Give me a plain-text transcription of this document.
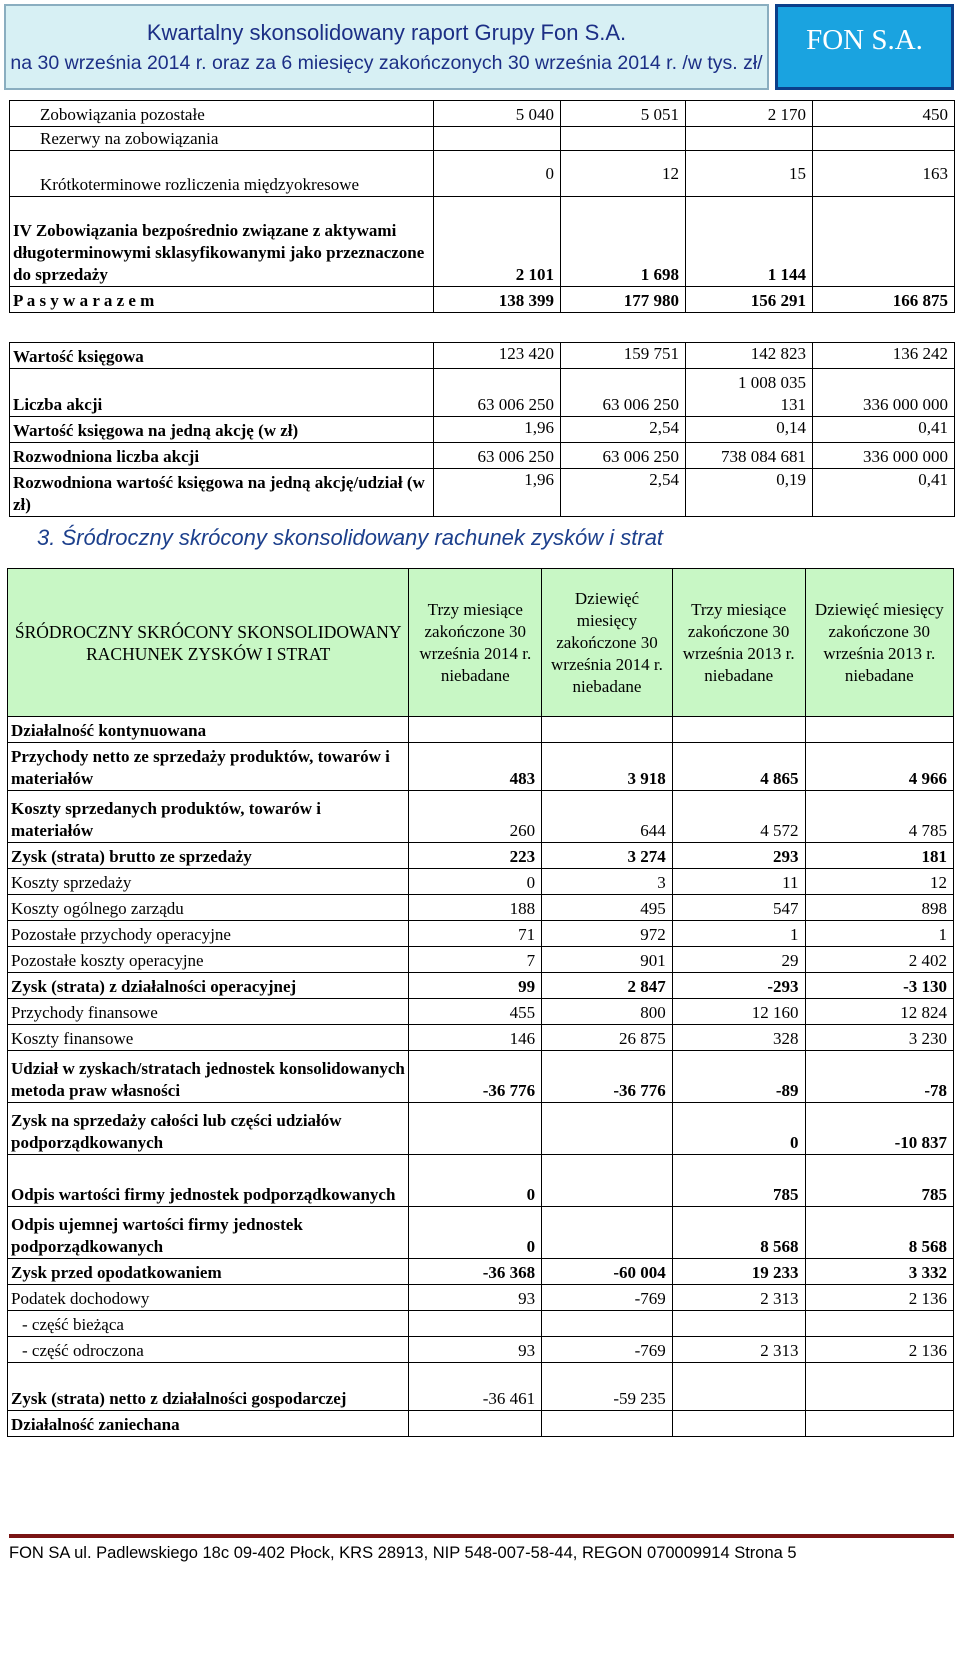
Kwartalny skonsolidowany raport Grupy Fon S.A.
na 30 września 2014 r. oraz za 6 miesięcy zakończonych 30 września 2014 r. /w tys. zł/
FON S.A.
Zobowiązania pozostałe	5 040	5 051	2 170	450
Rezerwy na zobowiązania				
Krótkoterminowe rozliczenia międzyokresowe	0	12	15	163
IV Zobowiązania bezpośrednio związane z aktywami długoterminowymi sklasyfikowanymi jako przeznaczone do sprzedaży	2 101	1 698	1 144	
P a s y w a r a z e m	138 399	177 980	156 291	166 875

Wartość księgowa	123 420	159 751	142 823	136 242
Liczba akcji	63 006 250	63 006 250	1 008 035 131	336 000 000
Wartość księgowa na jedną akcję (w zł)	1,96	2,54	0,14	0,41
Rozwodniona liczba akcji	63 006 250	63 006 250	738 084 681	336 000 000
Rozwodniona wartość księgowa na jedną akcję/udział (w zł)	1,96	2,54	0,19	0,41
3. Śródroczny skrócony skonsolidowany rachunek zysków i strat
ŚRÓDROCZNY SKRÓCONY SKONSOLIDOWANY RACHUNEK ZYSKÓW I STRAT	Trzy miesiące zakończone 30 września 2014 r. niebadane	Dziewięć miesięcy zakończone 30 września 2014 r. niebadane	Trzy miesiące zakończone 30 września 2013 r. niebadane	Dziewięć miesięcy zakończone 30 września 2013 r. niebadane
Działalność kontynuowana				
Przychody netto ze sprzedaży produktów, towarów i materiałów	483	3 918	4 865	4 966
Koszty sprzedanych produktów, towarów i materiałów	260	644	4 572	4 785
Zysk (strata) brutto ze sprzedaży	223	3 274	293	181
Koszty sprzedaży	0	3	11	12
Koszty ogólnego zarządu	188	495	547	898
Pozostałe przychody operacyjne	71	972	1	1
Pozostałe koszty operacyjne	7	901	29	2 402
Zysk (strata) z działalności operacyjnej	99	2 847	-293	-3 130
Przychody finansowe	455	800	12 160	12 824
Koszty finansowe	146	26 875	328	3 230
Udział w zyskach/stratach jednostek konsolidowanych metoda praw własności	-36 776	-36 776	-89	-78
Zysk na sprzedaży całości lub części udziałów podporządkowanych			0	-10 837
Odpis wartości firmy jednostek podporządkowanych	0		785	785
Odpis ujemnej wartości firmy jednostek podporządkowanych	0		8 568	8 568
Zysk przed opodatkowaniem	-36 368	-60 004	19 233	3 332
Podatek dochodowy	93	-769	2 313	2 136
- część bieżąca				
- część odroczona	93	-769	2 313	2 136
Zysk (strata) netto z działalności gospodarczej	-36 461	-59 235		
Działalność zaniechana				
FON SA ul. Padlewskiego 18c 09-402 Płock, KRS 28913, NIP 548-007-58-44, REGON 070009914 Strona 5
